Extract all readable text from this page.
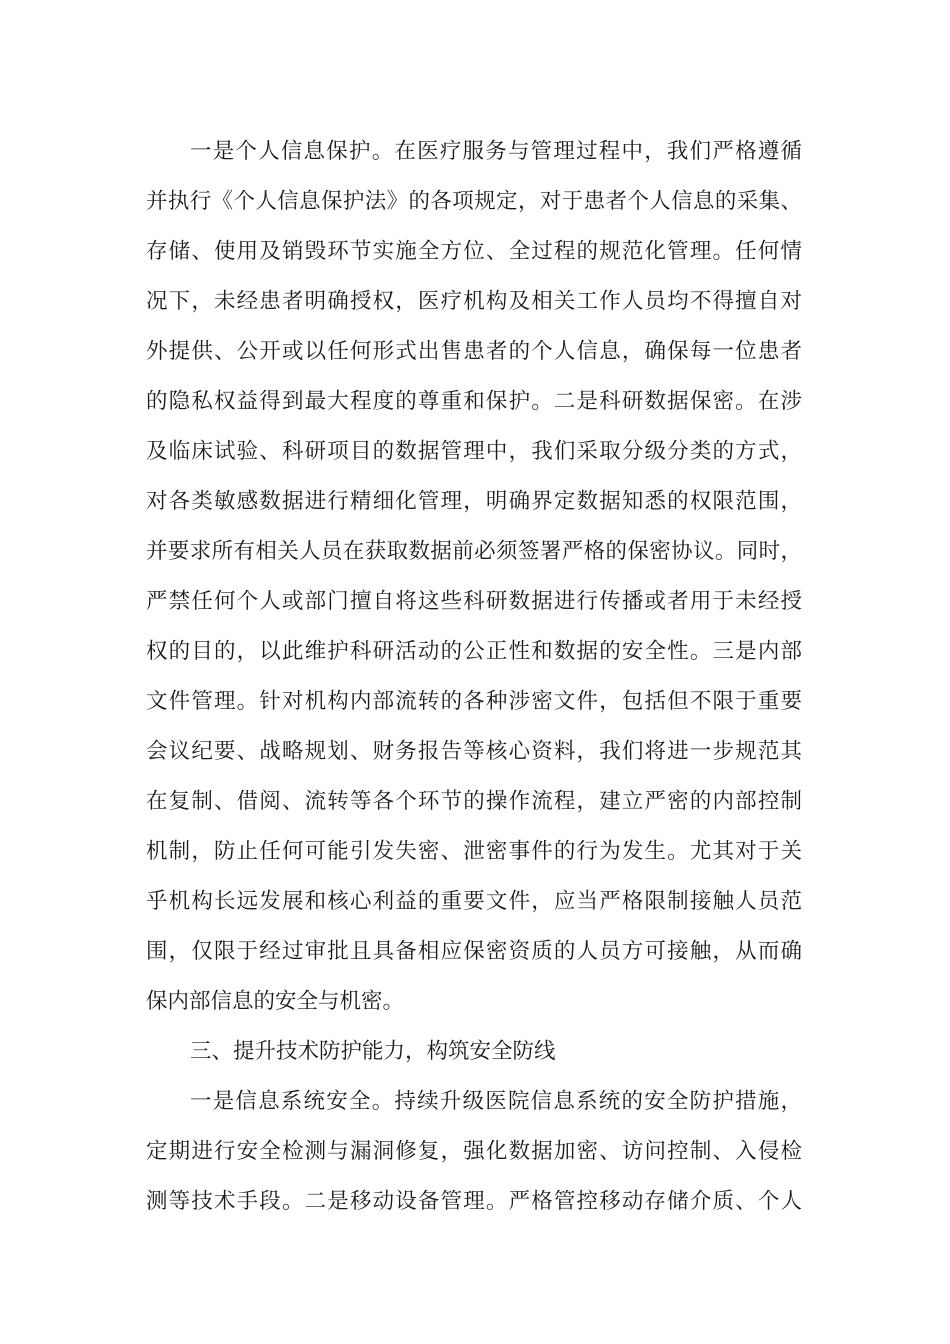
一是个人信息保护。在医疗服务与管理过程中，我们严格遵循
并执行《个人信息保护法》的各项规定，对于患者个人信息的采集、
存储、使用及销毁环节实施全方位、全过程的规范化管理。任何情
况下，未经患者明确授权，医疗机构及相关工作人员均不得擅自对
外提供、公开或以任何形式出售患者的个人信息，确保每一位患者
的隐私权益得到最大程度的尊重和保护。二是科研数据保密。在涉
及临床试验、科研项目的数据管理中，我们采取分级分类的方式，
对各类敏感数据进行精细化管理，明确界定数据知悉的权限范围，
并要求所有相关人员在获取数据前必须签署严格的保密协议。同时，
严禁任何个人或部门擅自将这些科研数据进行传播或者用于未经授
权的目的，以此维护科研活动的公正性和数据的安全性。三是内部
文件管理。针对机构内部流转的各种涉密文件，包括但不限于重要
会议纪要、战略规划、财务报告等核心资料，我们将进一步规范其
在复制、借阅、流转等各个环节的操作流程，建立严密的内部控制
机制，防止任何可能引发失密、泄密事件的行为发生。尤其对于关
乎机构长远发展和核心利益的重要文件，应当严格限制接触人员范
围，仅限于经过审批且具备相应保密资质的人员方可接触，从而确
保内部信息的安全与机密。
三、提升技术防护能力，构筑安全防线
一是信息系统安全。持续升级医院信息系统的安全防护措施，
定期进行安全检测与漏洞修复，强化数据加密、访问控制、入侵检
测等技术手段。二是移动设备管理。严格管控移动存储介质、个人
